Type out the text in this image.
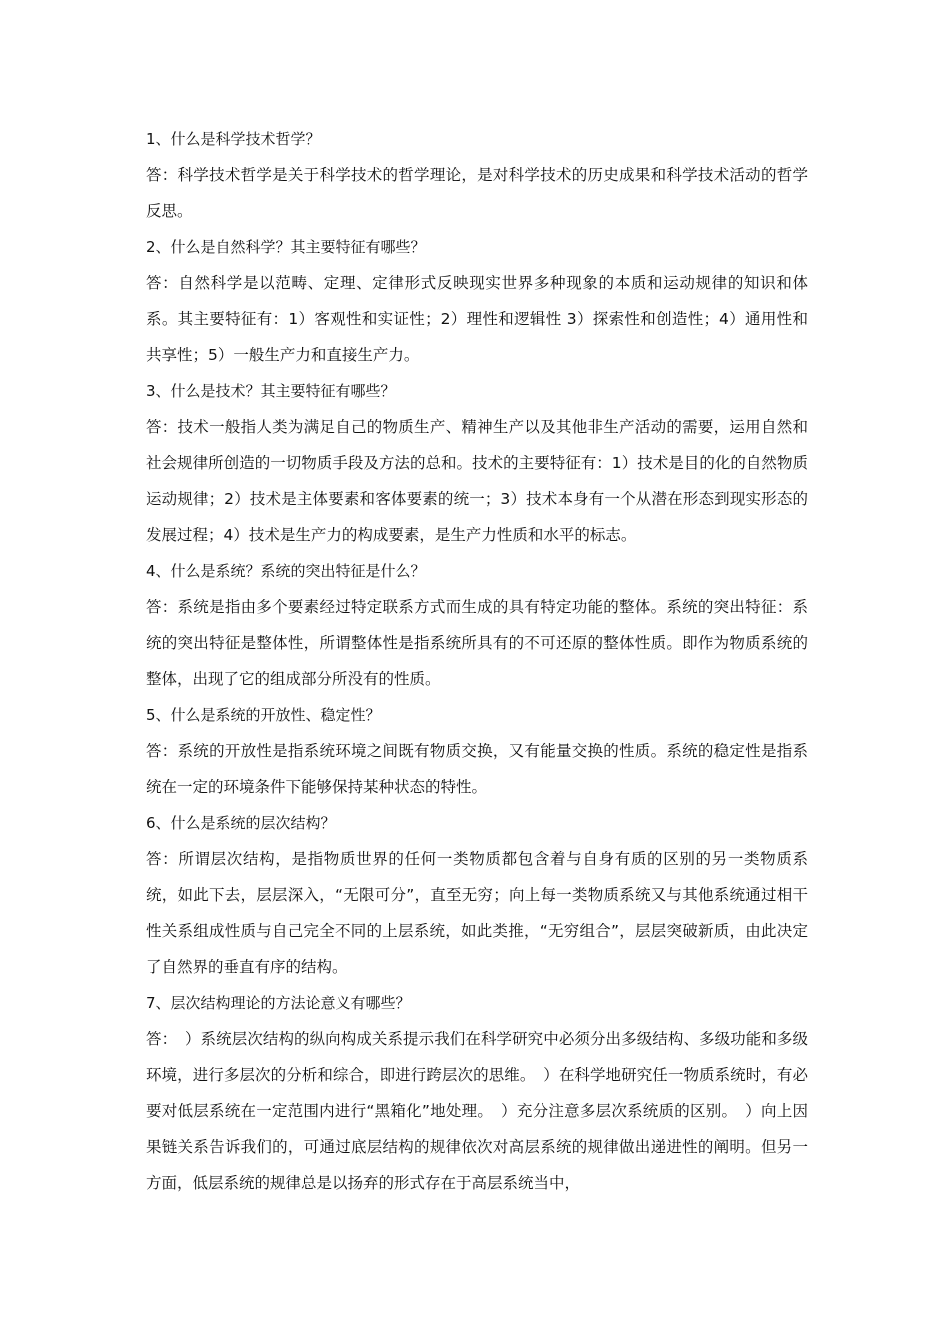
1、什么是科学技术哲学？

答：科学技术哲学是关于科学技术的哲学理论，是对科学技术的历史成果和科学技术活动的哲学反思。

2、什么是自然科学？其主要特征有哪些？

答：自然科学是以范畴、定理、定律形式反映现实世界多种现象的本质和运动规律的知识和体系。其主要特征有：1）客观性和实证性；2）理性和逻辑性 3）探索性和创造性；4）通用性和共享性；5）一般生产力和直接生产力。

3、什么是技术？其主要特征有哪些？

答：技术一般指人类为满足自己的物质生产、精神生产以及其他非生产活动的需要，运用自然和社会规律所创造的一切物质手段及方法的总和。技术的主要特征有：1）技术是目的化的自然物质运动规律；2）技术是主体要素和客体要素的统一；3）技术本身有一个从潜在形态到现实形态的发展过程；4）技术是生产力的构成要素，是生产力性质和水平的标志。

4、什么是系统？系统的突出特征是什么？

答：系统是指由多个要素经过特定联系方式而生成的具有特定功能的整体。系统的突出特征：系统的突出特征是整体性，所谓整体性是指系统所具有的不可还原的整体性质。即作为物质系统的整体，出现了它的组成部分所没有的性质。

5、什么是系统的开放性、稳定性？

答：系统的开放性是指系统环境之间既有物质交换，又有能量交换的性质。系统的稳定性是指系统在一定的环境条件下能够保持某种状态的特性。

6、什么是系统的层次结构？

答：所谓层次结构，是指物质世界的任何一类物质都包含着与自身有质的区别的另一类物质系统，如此下去，层层深入，“无限可分”，直至无穷；向上每一类物质系统又与其他系统通过相干性关系组成性质与自己完全不同的上层系统，如此类推，“无穷组合”，层层突破新质，由此决定了自然界的垂直有序的结构。

7、层次结构理论的方法论意义有哪些？

答：　）系统层次结构的纵向构成关系提示我们在科学研究中必须分出多级结构、多级功能和多级环境，进行多层次的分析和综合，即进行跨层次的思维。　）在科学地研究任一物质系统时，有必要对低层系统在一定范围内进行“黑箱化”地处理。　）充分注意多层次系统质的区别。　）向上因果链关系告诉我们的，可通过底层结构的规律依次对高层系统的规律做出递进性的阐明。但另一方面，低层系统的规律总是以扬弃的形式存在于高层系统当中，
